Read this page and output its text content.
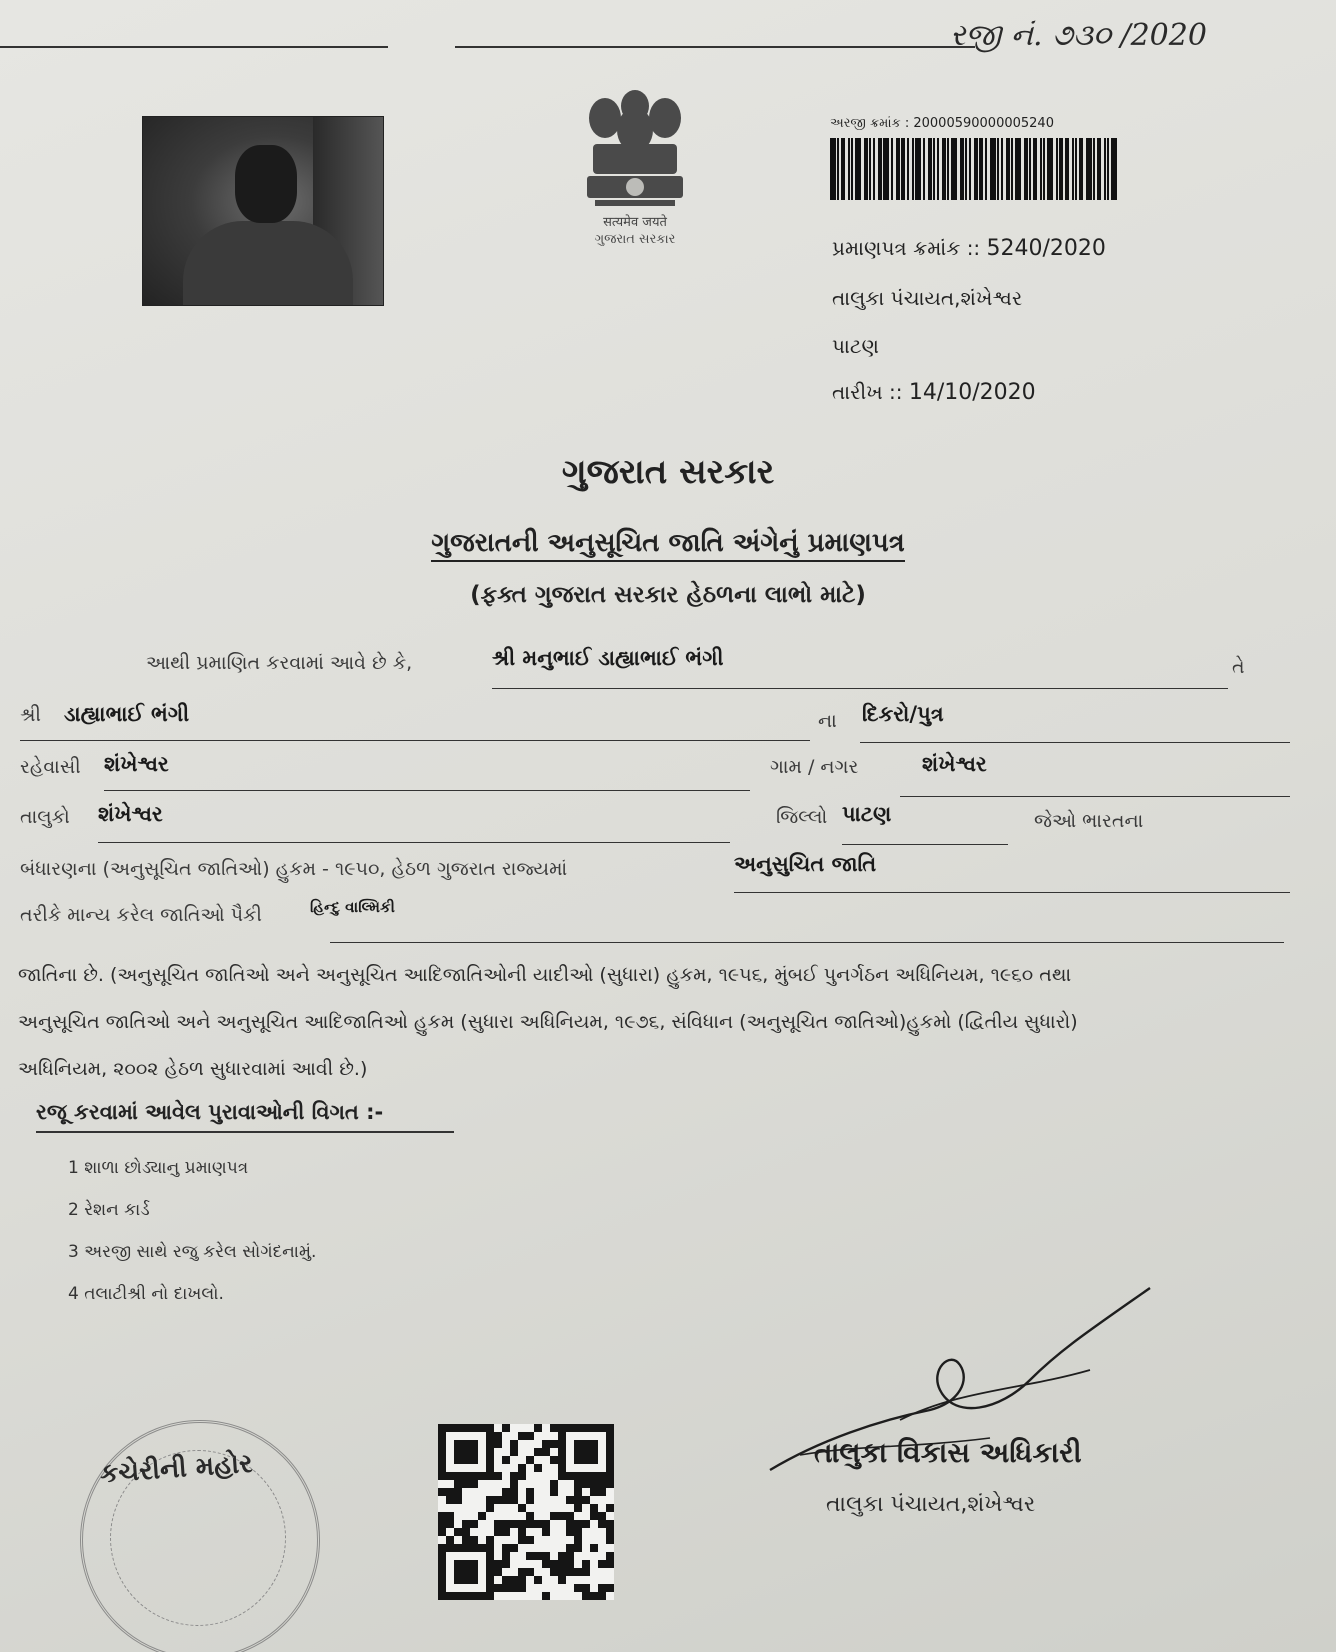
રજી નં. ૭૩૦ /2020
सत्यमेव जयते
ગુજરાત સરકાર
અરજી ક્રમાંક : 20000590000005240
પ્રમાણપત્ર ક્રમાંક :: 5240/2020
તાલુકા પંચાયત,શંખેશ્વર
પાટણ
તારીખ :: 14/10/2020
ગુજરાત સરકાર
ગુજરાતની અનુસૂચિત જાતિ અંગેનું પ્રમાણપત્ર
(ફક્ત ગુજરાત સરકાર હેઠળના લાભો માટે)
આથી પ્રમાણિત કરવામાં આવે છે કે,	શ્રી મનુભાઈ ડાહ્યાભાઈ ભંગી	તે
શ્રી ડાહ્યાભાઈ ભંગી	ના દિકરો/પુત્ર
રહેવાસી શંખેશ્વર	ગામ / નગર	શંખેશ્વર
તાલુકો શંખેશ્વર	જિલ્લો પાટણ	જેઓ ભારતના
બંધારણના (અનુસૂચિત જાતિઓ) હુકમ - ૧૯૫૦, હેઠળ ગુજરાત રાજ્યમાં	અનુસુચિત જાતિ
તરીકે માન્ય કરેલ જાતિઓ પૈકી	હિન્દુ વાલ્મિકી
જાતિના છે. (અનુસૂચિત જાતિઓ અને અનુસૂચિત આદિજાતિઓની યાદીઓ (સુધારા) હુકમ, ૧૯૫૬, મુંબઈ પુનર્ગઠન અધિનિયમ, ૧૯૬૦ તથા
અનુસૂચિત જાતિઓ અને અનુસૂચિત આદિજાતિઓ હુકમ (સુધારા અધિનિયમ, ૧૯૭૬, સંવિધાન (અનુસૂચિત જાતિઓ)હુકમો (દ્વિતીય સુધારો)
અધિનિયમ, ૨૦૦૨ હેઠળ સુધારવામાં આવી છે.)
રજૂ કરવામાં આવેલ પુરાવાઓની વિગત :-
1 શાળા છોડ્યાનુ પ્રમાણપત્ર
2 રેશન કાર્ડ
3 અરજી સાથે રજુ કરેલ સોગંદનામું.
4 તલાટીશ્રી નો દાખલો.
કચેરીની મહોર	તાલુકા વિકાસ અધિકારી
તાલુકા પંચાયત,શંખેશ્વર
